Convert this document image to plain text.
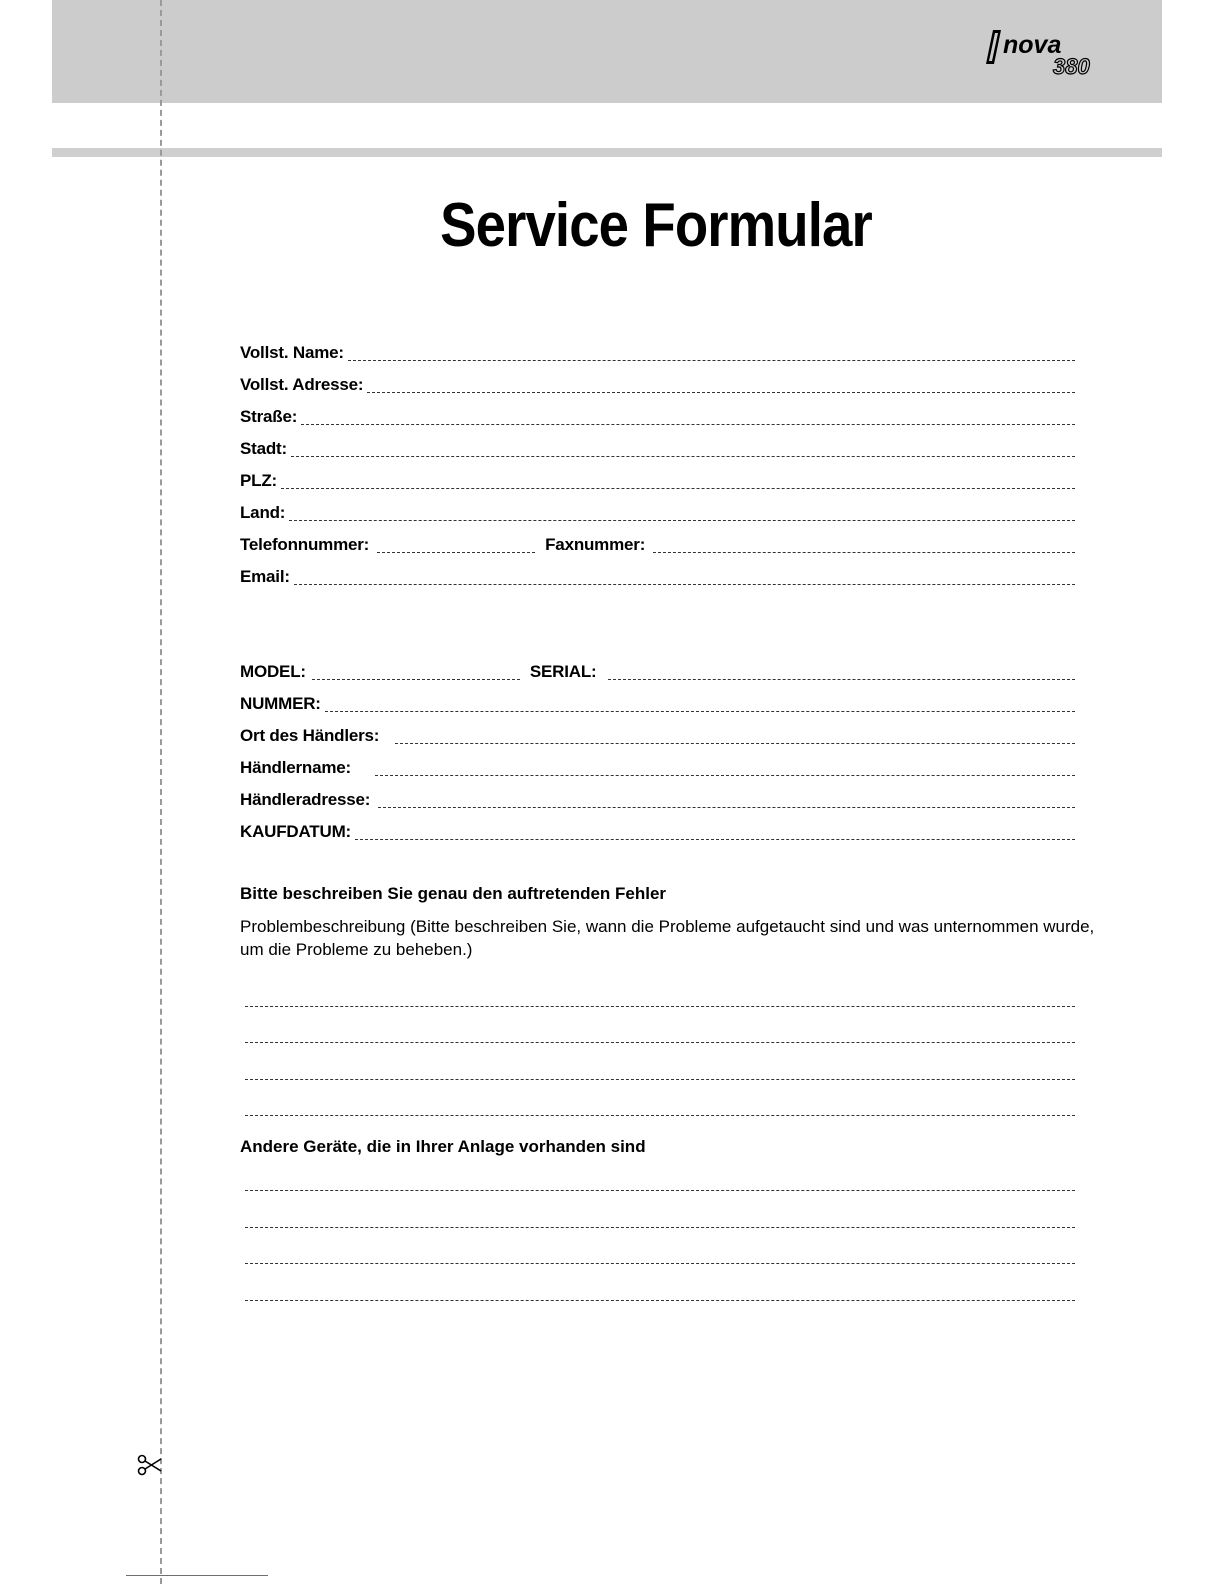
nova
380
Service Formular
Vollst. Name:
Vollst. Adresse:
Straße:
Stadt:
PLZ:
Land:
Telefonnummer:	Faxnummer:
Email:
MODEL:	SERIAL:
NUMMER:
Ort des Händlers:
Händlername:
Händleradresse:
KAUFDATUM:
Bitte beschreiben Sie genau den auftretenden Fehler
Problembeschreibung (Bitte beschreiben Sie, wann die Probleme aufgetaucht sind und was unternommen wurde,
um die Probleme zu beheben.)
Andere Geräte, die in Ihrer Anlage vorhanden sind
